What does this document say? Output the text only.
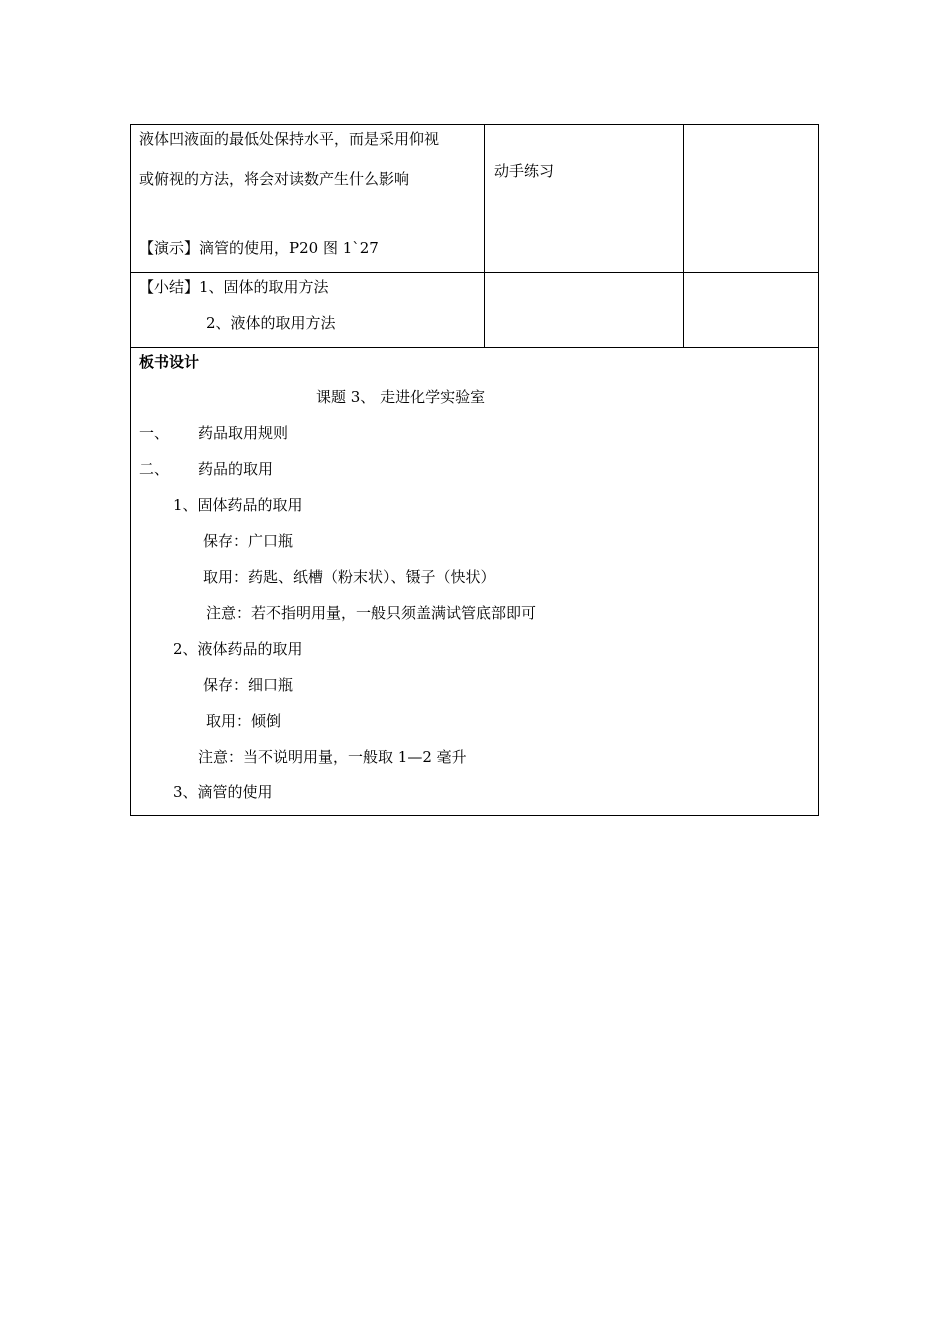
液体凹液面的最低处保持水平，而是采用仰视
或俯视的方法，将会对读数产生什么影响
【演示】滴管的使用，P20 图 1`27
动手练习
【小结】1、固体的取用方法
2、液体的取用方法
板书设计
课题 3、 走进化学实验室
一、 药品取用规则
二、 药品的取用
1、固体药品的取用
保存：广口瓶
取用：药匙、纸槽（粉末状）、镊子（快状）
注意：若不指明用量，一般只须盖满试管底部即可
2、液体药品的取用
保存：细口瓶
取用：倾倒
注意：当不说明用量，一般取 1—2 毫升
3、滴管的使用
